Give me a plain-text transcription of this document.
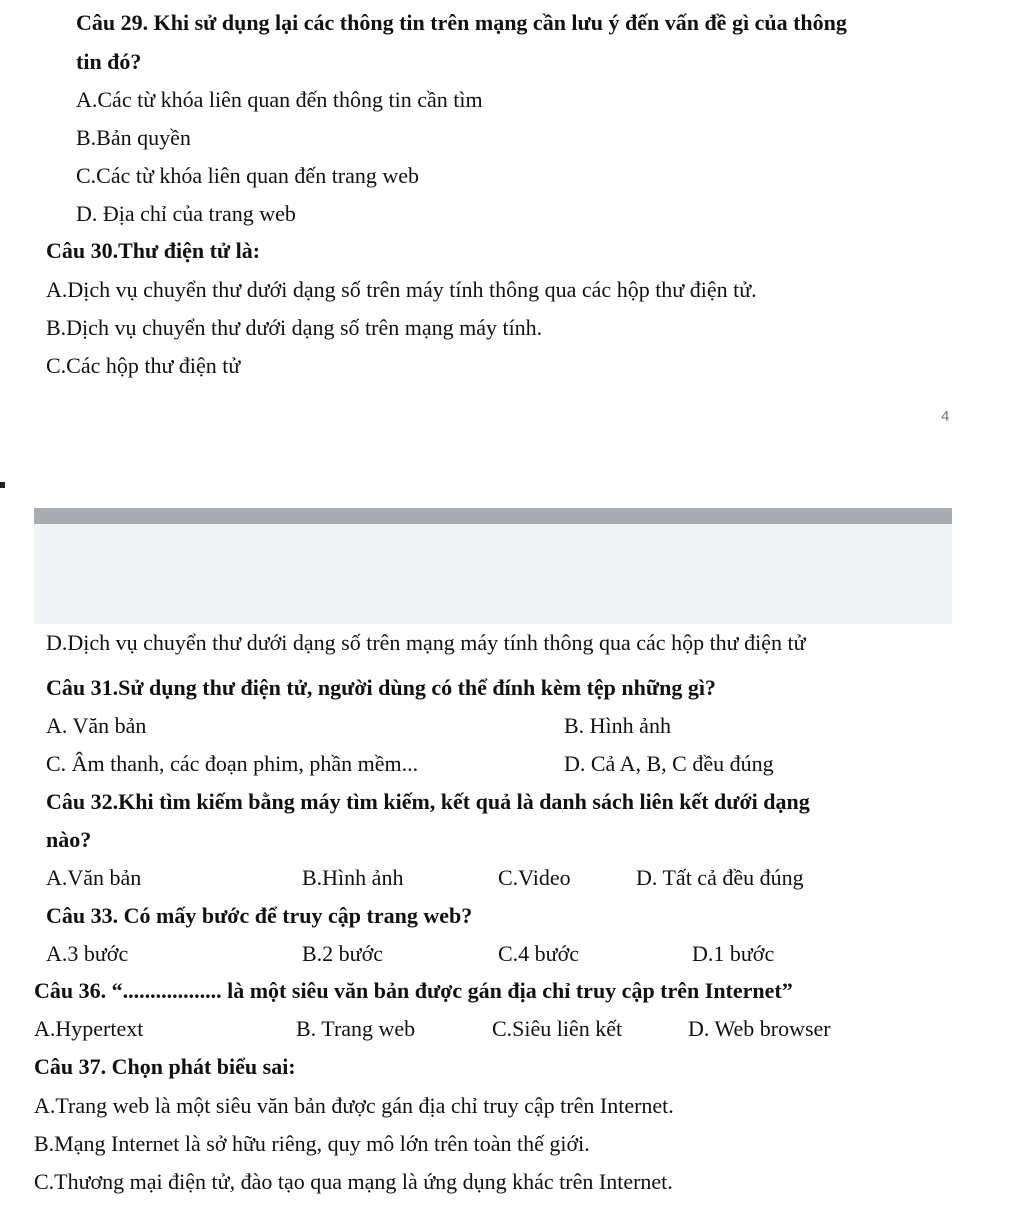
Câu 29. Khi sử dụng lại các thông tin trên mạng cần lưu ý đến vấn đề gì của thông
tin đó?
A.Các từ khóa liên quan đến thông tin cần tìm
B.Bản quyền
C.Các từ khóa liên quan đến trang web
D. Địa chỉ của trang web
Câu 30.Thư điện tử là:
A.Dịch vụ chuyển thư dưới dạng số trên máy tính thông qua các hộp thư điện tử.
B.Dịch vụ chuyển thư dưới dạng số trên mạng máy tính.
C.Các hộp thư điện tử
4
D.Dịch vụ chuyển thư dưới dạng số trên mạng máy tính thông qua các hộp thư điện tử
Câu 31.Sử dụng thư điện tử, người dùng có thể đính kèm tệp những gì?
A. Văn bản	B. Hình ảnh
C. Âm thanh, các đoạn phim, phần mềm...	D. Cả A, B, C đều đúng
Câu 32.Khi tìm kiếm bằng máy tìm kiếm, kết quả là danh sách liên kết dưới dạng
nào?
A.Văn bản	B.Hình ảnh	C.Video	D. Tất cả đều đúng
Câu 33. Có mấy bước để truy cập trang web?
A.3 bước	B.2 bước	C.4 bước	D.1 bước
Câu 36. “.................. là một siêu văn bản được gán địa chỉ truy cập trên Internet”
A.Hypertext	B. Trang web	C.Siêu liên kết	D. Web browser
Câu 37. Chọn phát biểu sai:
A.Trang web là một siêu văn bản được gán địa chỉ truy cập trên Internet.
B.Mạng Internet là sở hữu riêng, quy mô lớn trên toàn thế giới.
C.Thương mại điện tử, đào tạo qua mạng là ứng dụng khác trên Internet.
